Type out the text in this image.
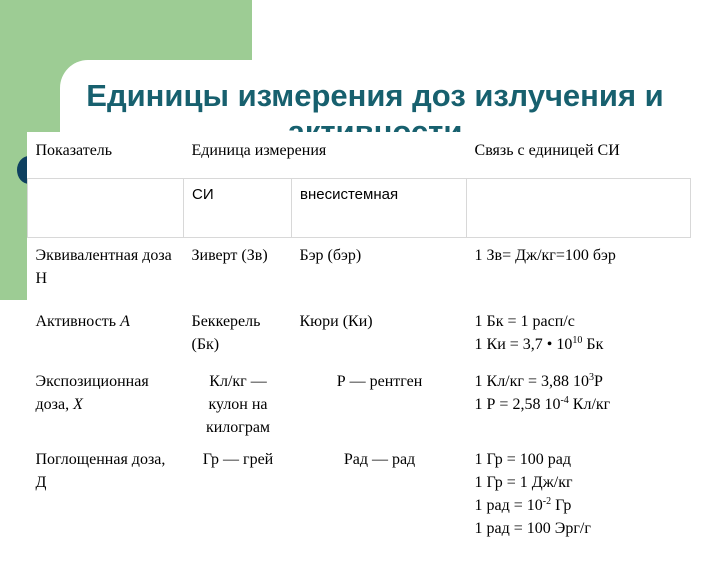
Единицы измерения доз излучения и
Показатель	Единица измерения		Связь с единицей СИ
	СИ	внесистемная	
Эквивалентная доза Н	Зиверт (Зв)	Бэр (бэр)	1 Зв= Дж/кг=100 бэр
Активность А	Беккерель (Бк)	Кюри (Ки)	1 Бк = 1 расп/с
1 Ки = 3,7 • $10^{10}$ Бк
Экспозиционная доза, Х	Кл/кг — кулон на килограм	Р — рентген	1 Кл/кг = 3,88 $10^3Р$
1 Р = 2,58 $10^{-4}$ Кл/кг
Поглощенная доза, Д	Гр — грей	Рад — рад	1 Гр = 100 рад
1 Гр = 1 Дж/кг
1 рад = $10^{-2}$ Гр
1 рад = 100 Эрг/г
